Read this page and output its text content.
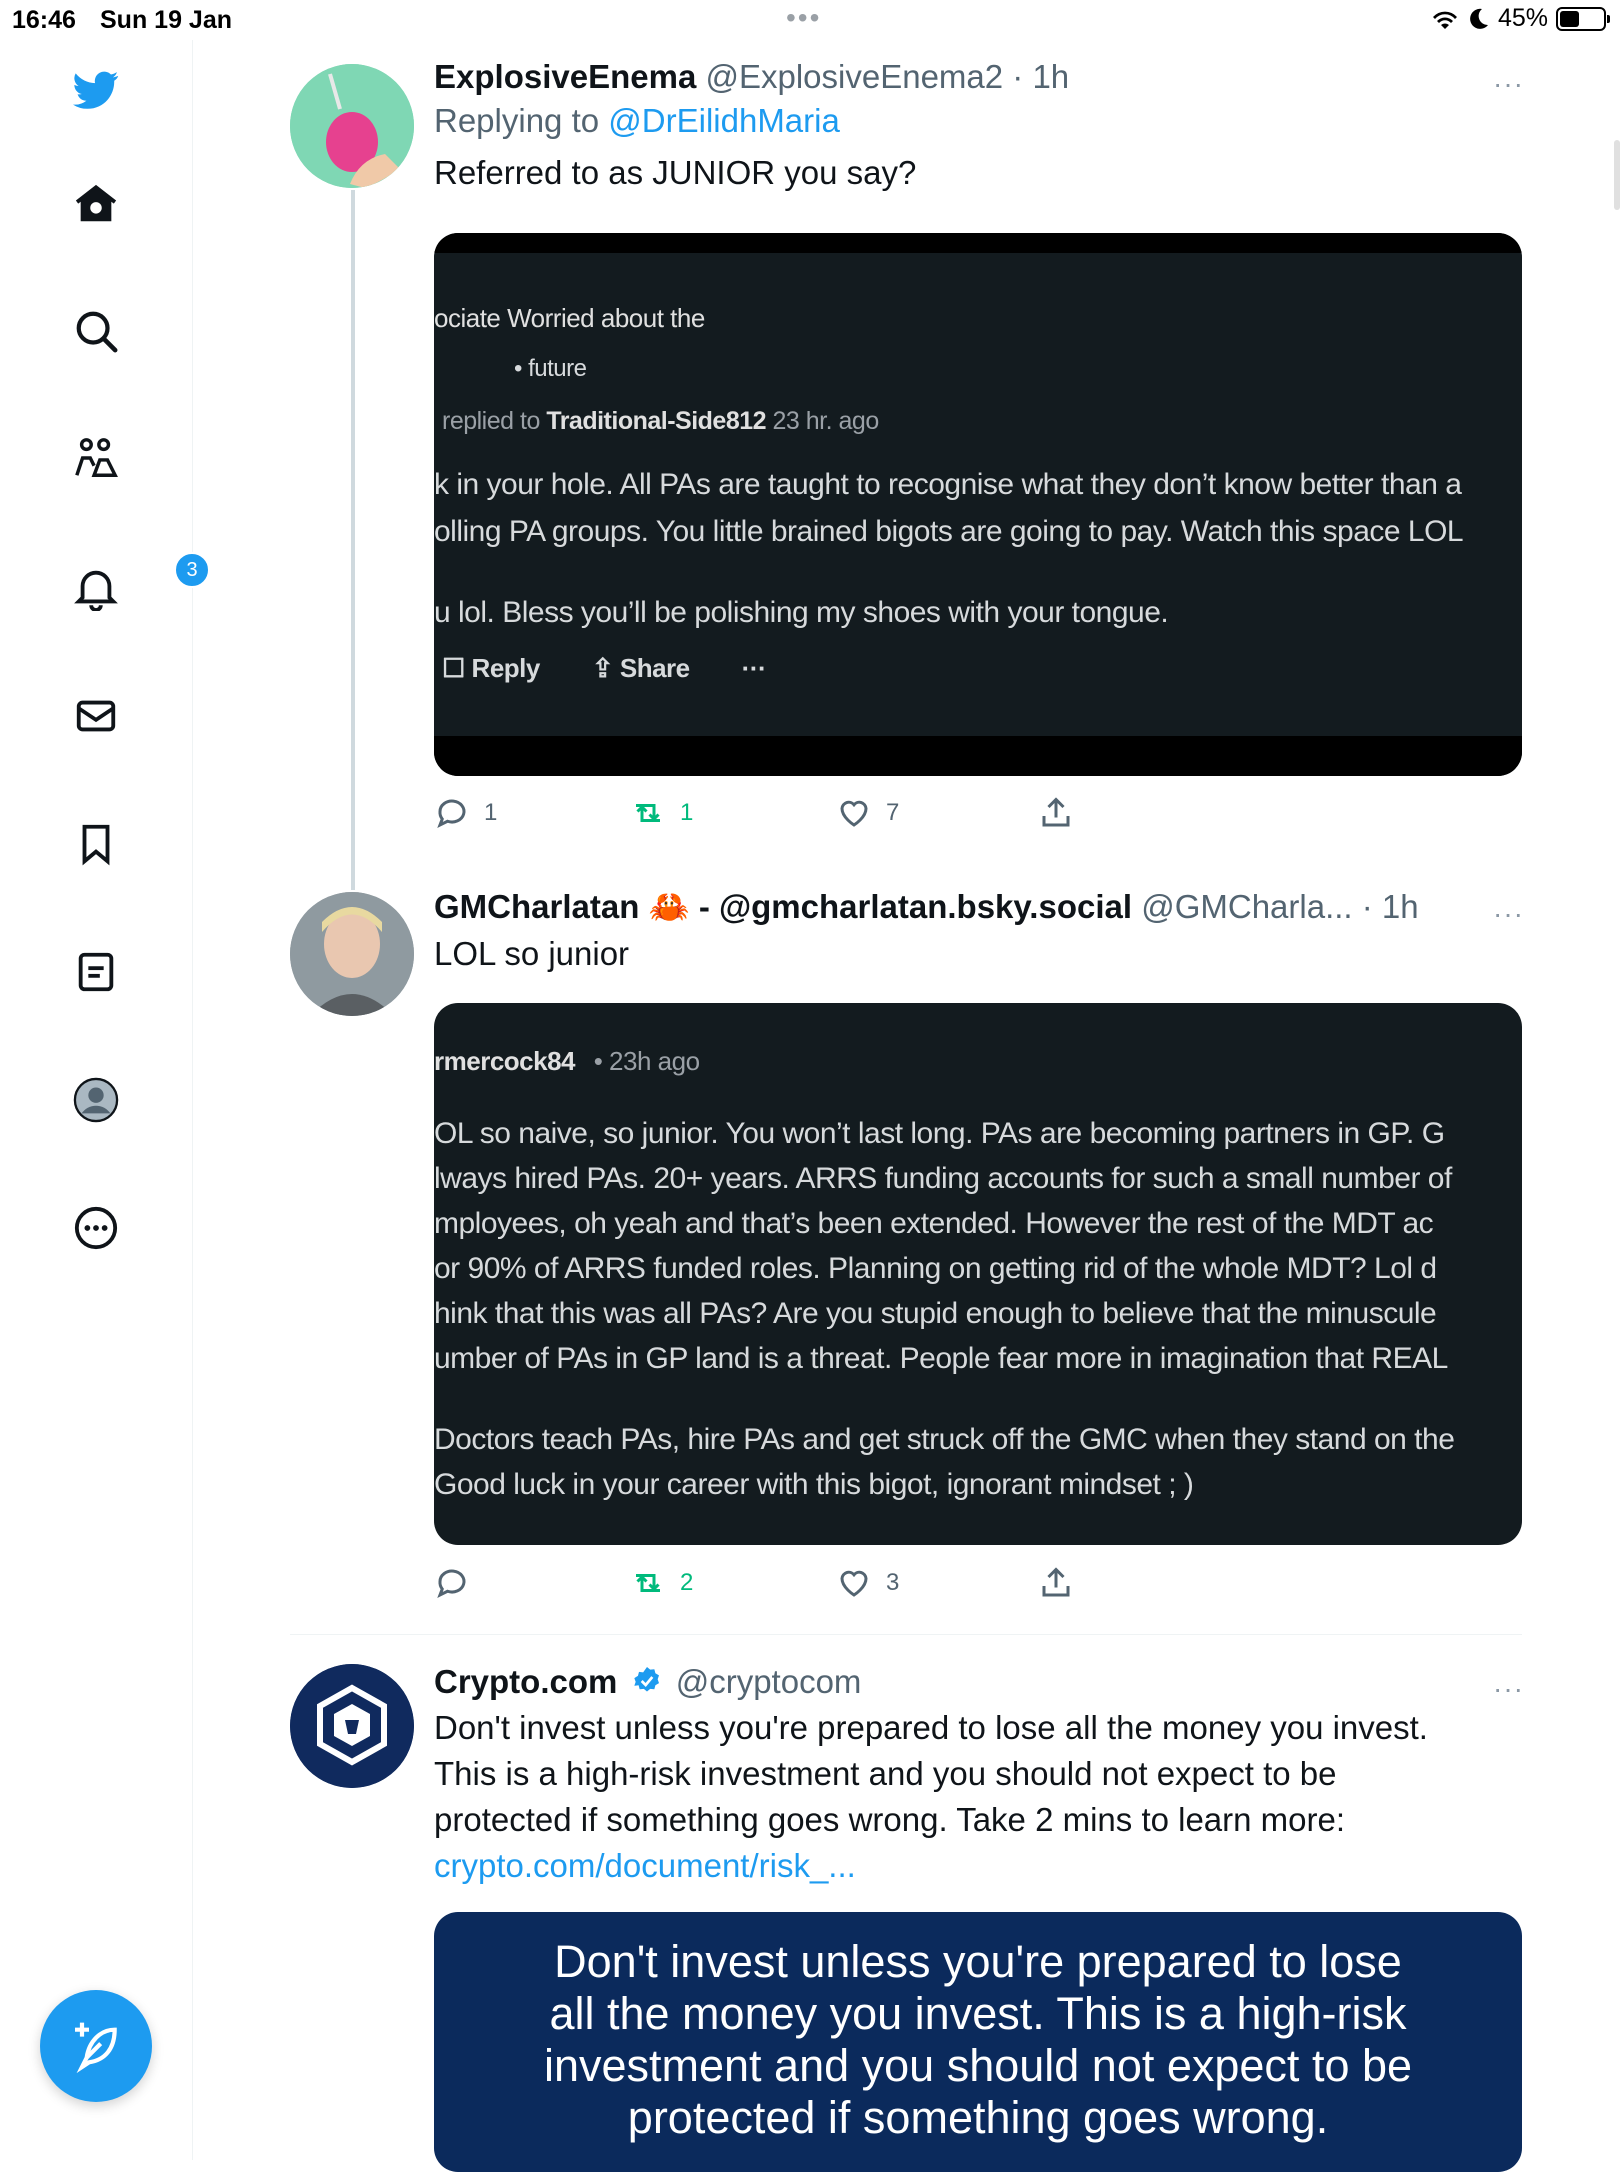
16:46 Sun 19 Jan	•••	45%
3
ExplosiveEnema @ExplosiveEnema2 · 1h	···
Replying to @DrEilidhMaria
Referred to as JUNIOR you say?
ociate Worried about the
• future
replied to Traditional-Side812 23 hr. ago
k in your hole. All PAs are taught to recognise what they don’t know better than a
olling PA groups. You little brained bigots are going to pay. Watch this space LOL
u lol. Bless you’ll be polishing my shoes with your tongue.
☐ Reply ⇪ Share ···
1	1	7
GMCharlatan 🦀 - @gmcharlatan.bsky.social @GMCharla... · 1h	···
LOL so junior
rmercock84 • 23h ago
OL so naive, so junior. You won’t last long. PAs are becoming partners in GP. G
lways hired PAs. 20+ years. ARRS funding accounts for such a small number of
mployees, oh yeah and that’s been extended. However the rest of the MDT ac
or 90% of ARRS funded roles. Planning on getting rid of the whole MDT? Lol d
hink that this was all PAs? Are you stupid enough to believe that the minuscule
umber of PAs in GP land is a threat. People fear more in imagination that REAL
Doctors teach PAs, hire PAs and get struck off the GMC when they stand on the
Good luck in your career with this bigot, ignorant mindset ; )
2	3
Crypto.com @cryptocom	···
Don't invest unless you're prepared to lose all the money you invest.
This is a high-risk investment and you should not expect to be
protected if something goes wrong. Take 2 mins to learn more:
crypto.com/document/risk_...
Don't invest unless you're prepared to lose
all the money you invest. This is a high-risk
investment and you should not expect to be
protected if something goes wrong.
